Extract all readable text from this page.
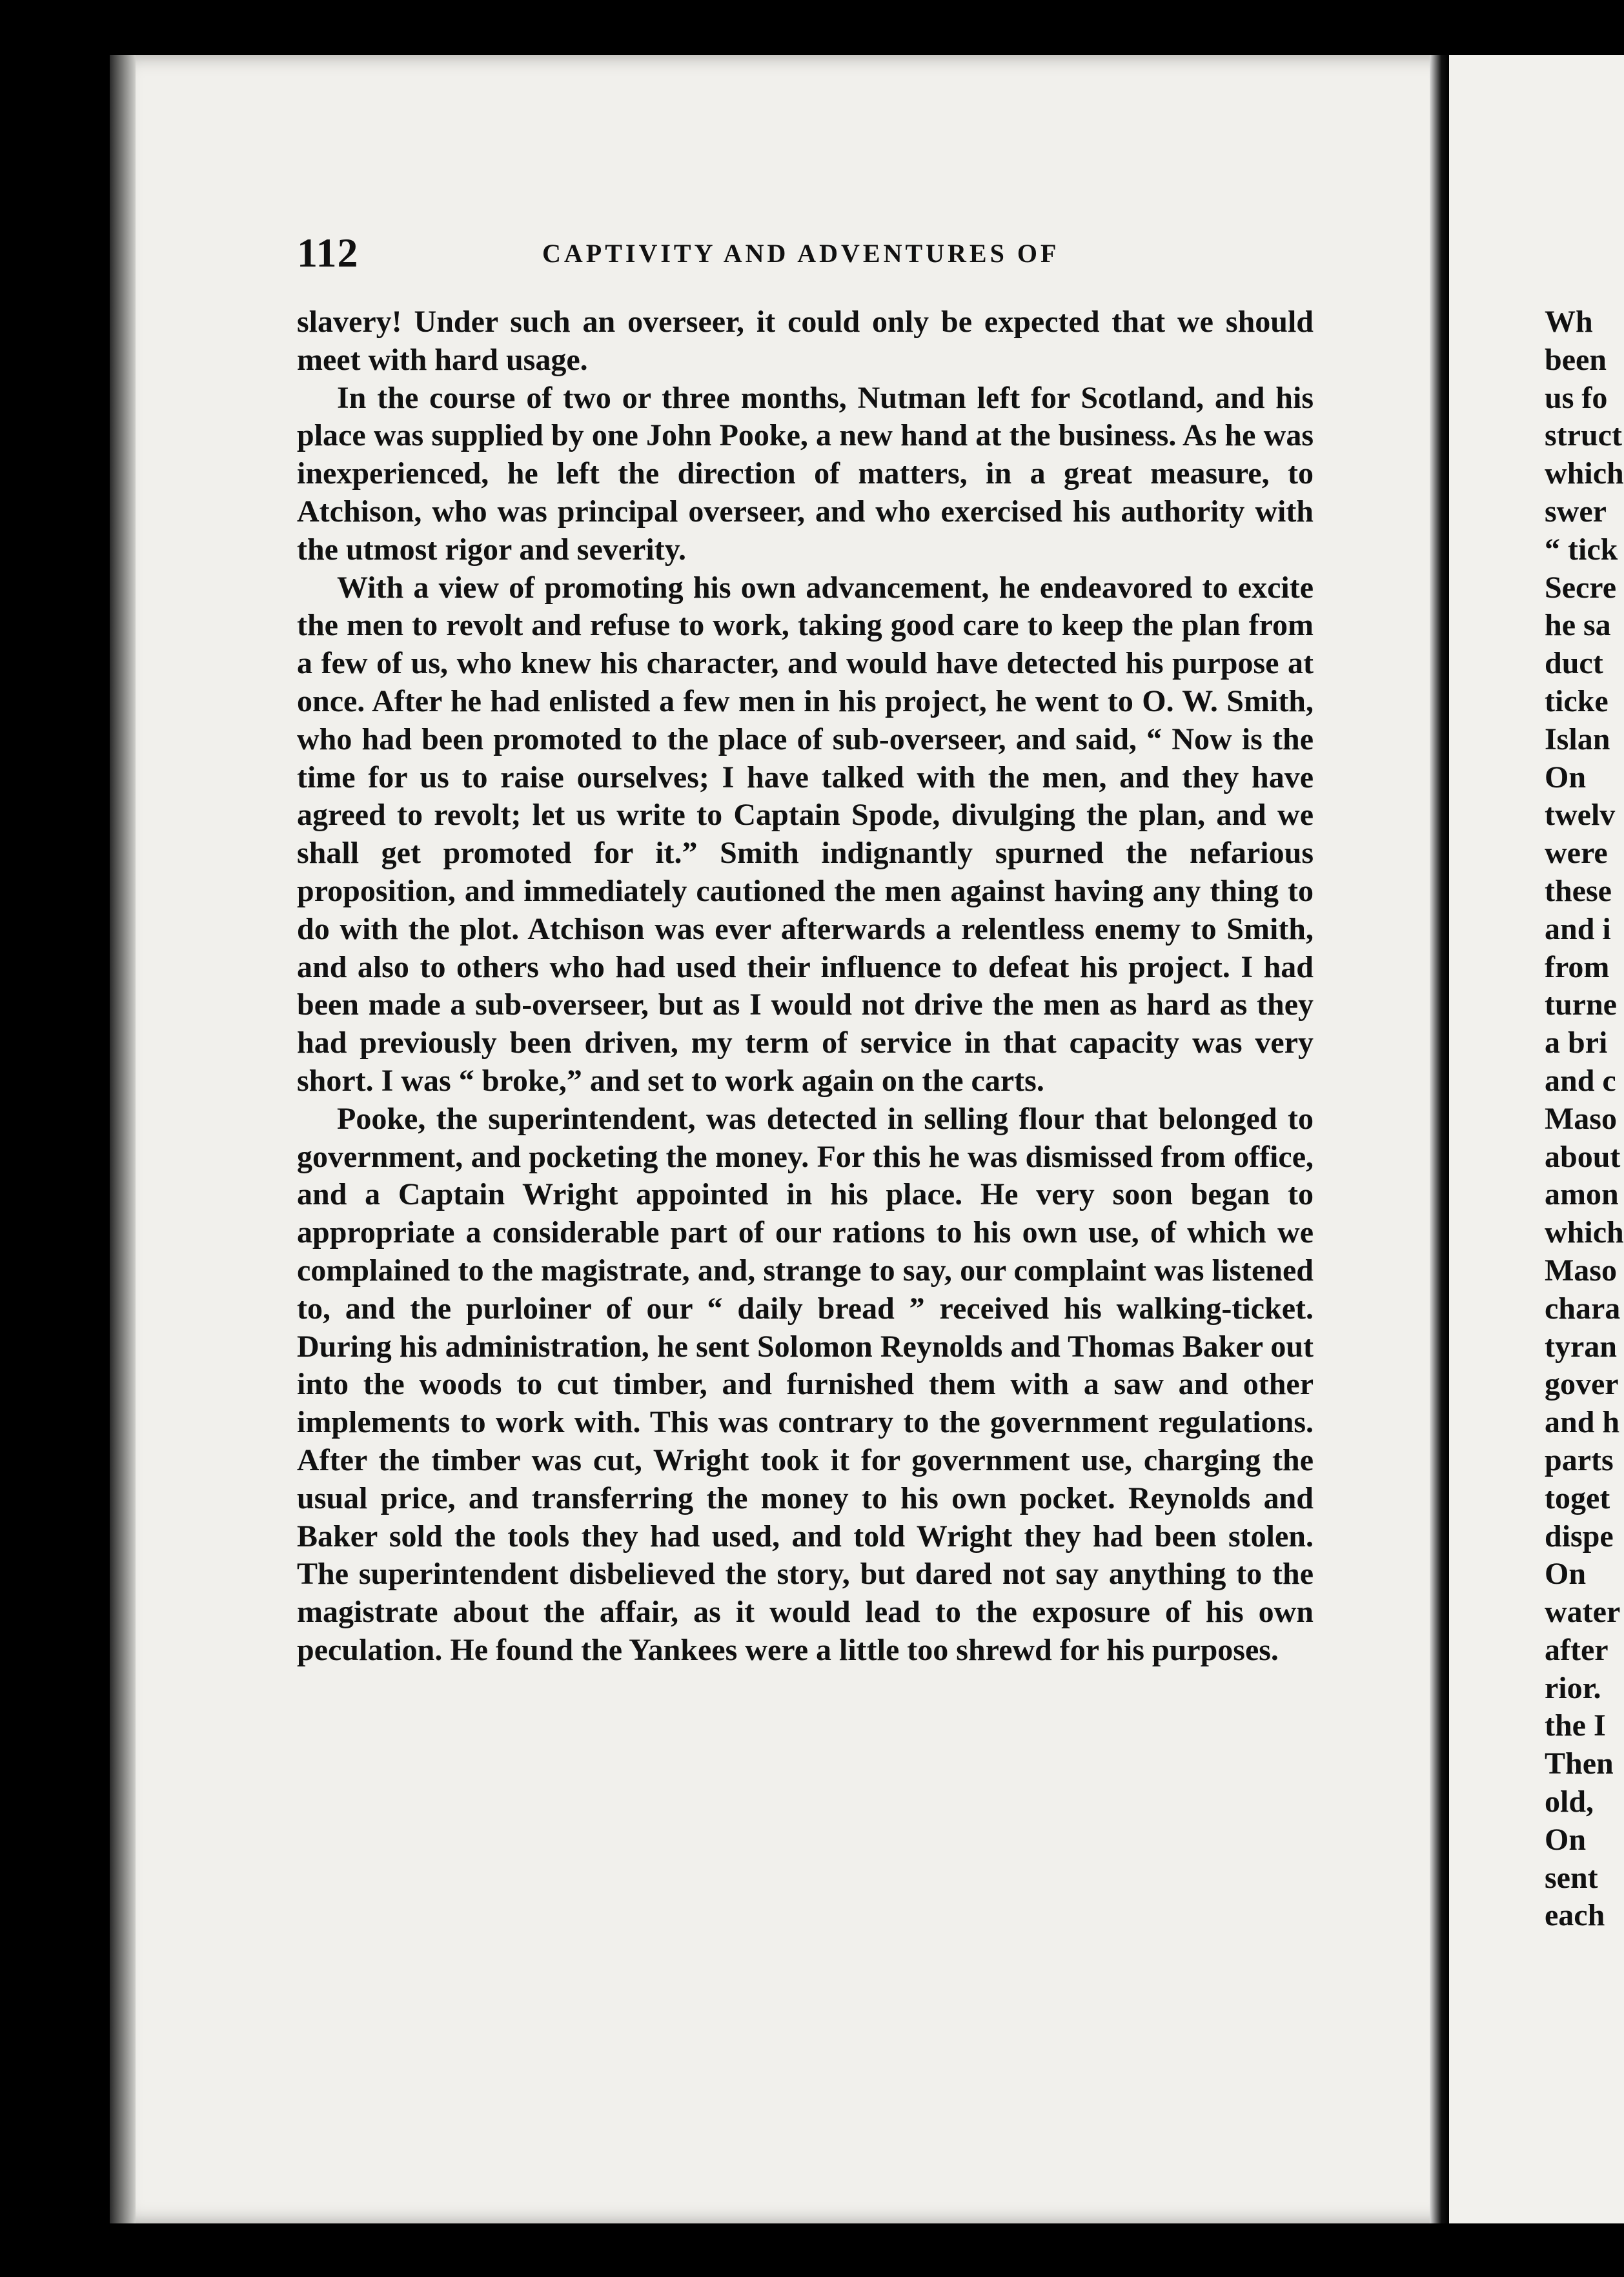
112	CAPTIVITY AND ADVENTURES OF

slavery! Under such an overseer, it could only be expected that we should meet with hard usage.

In the course of two or three months, Nutman left for Scotland, and his place was supplied by one John Pooke, a new hand at the business. As he was inexperienced, he left the direction of matters, in a great measure, to Atchison, who was principal overseer, and who exercised his authority with the utmost rigor and severity.

With a view of promoting his own advancement, he endeavored to excite the men to revolt and refuse to work, taking good care to keep the plan from a few of us, who knew his character, and would have detected his purpose at once. After he had enlisted a few men in his project, he went to O. W. Smith, who had been promoted to the place of sub-overseer, and said, “ Now is the time for us to raise ourselves; I have talked with the men, and they have agreed to revolt; let us write to Captain Spode, divulging the plan, and we shall get promoted for it.” Smith indignantly spurned the nefarious proposition, and immediately cautioned the men against having any thing to do with the plot. Atchison was ever afterwards a relentless enemy to Smith, and also to others who had used their influence to defeat his project. I had been made a sub-overseer, but as I would not drive the men as hard as they had previously been driven, my term of service in that capacity was very short. I was “ broke,” and set to work again on the carts.

Pooke, the superintendent, was detected in selling flour that belonged to government, and pocketing the money. For this he was dismissed from office, and a Captain Wright appointed in his place. He very soon began to appropriate a considerable part of our rations to his own use, of which we complained to the magistrate, and, strange to say, our complaint was listened to, and the purloiner of our “ daily bread ” received his walking-ticket. During his administration, he sent Solomon Reynolds and Thomas Baker out into the woods to cut timber, and furnished them with a saw and other implements to work with. This was contrary to the government regulations. After the timber was cut, Wright took it for government use, charging the usual price, and transferring the money to his own pocket. Reynolds and Baker sold the tools they had used, and told Wright they had been stolen. The superintendent disbelieved the story, but dared not say anything to the magistrate about the affair, as it would lead to the exposure of his own peculation. He found the Yankees were a little too shrewd for his purposes.

Wh
been
us fo
struct
which
swer
“ tick
Secre
he sa
duct
ticke
Islan
On
twelv
were
these
and i
from
turne
a bri
and c
Maso
about
amon
which
Maso
chara
tyran
gover
and h
parts
toget
dispe
On
water
after
rior.
the I
Then
old,
On
sent
each
